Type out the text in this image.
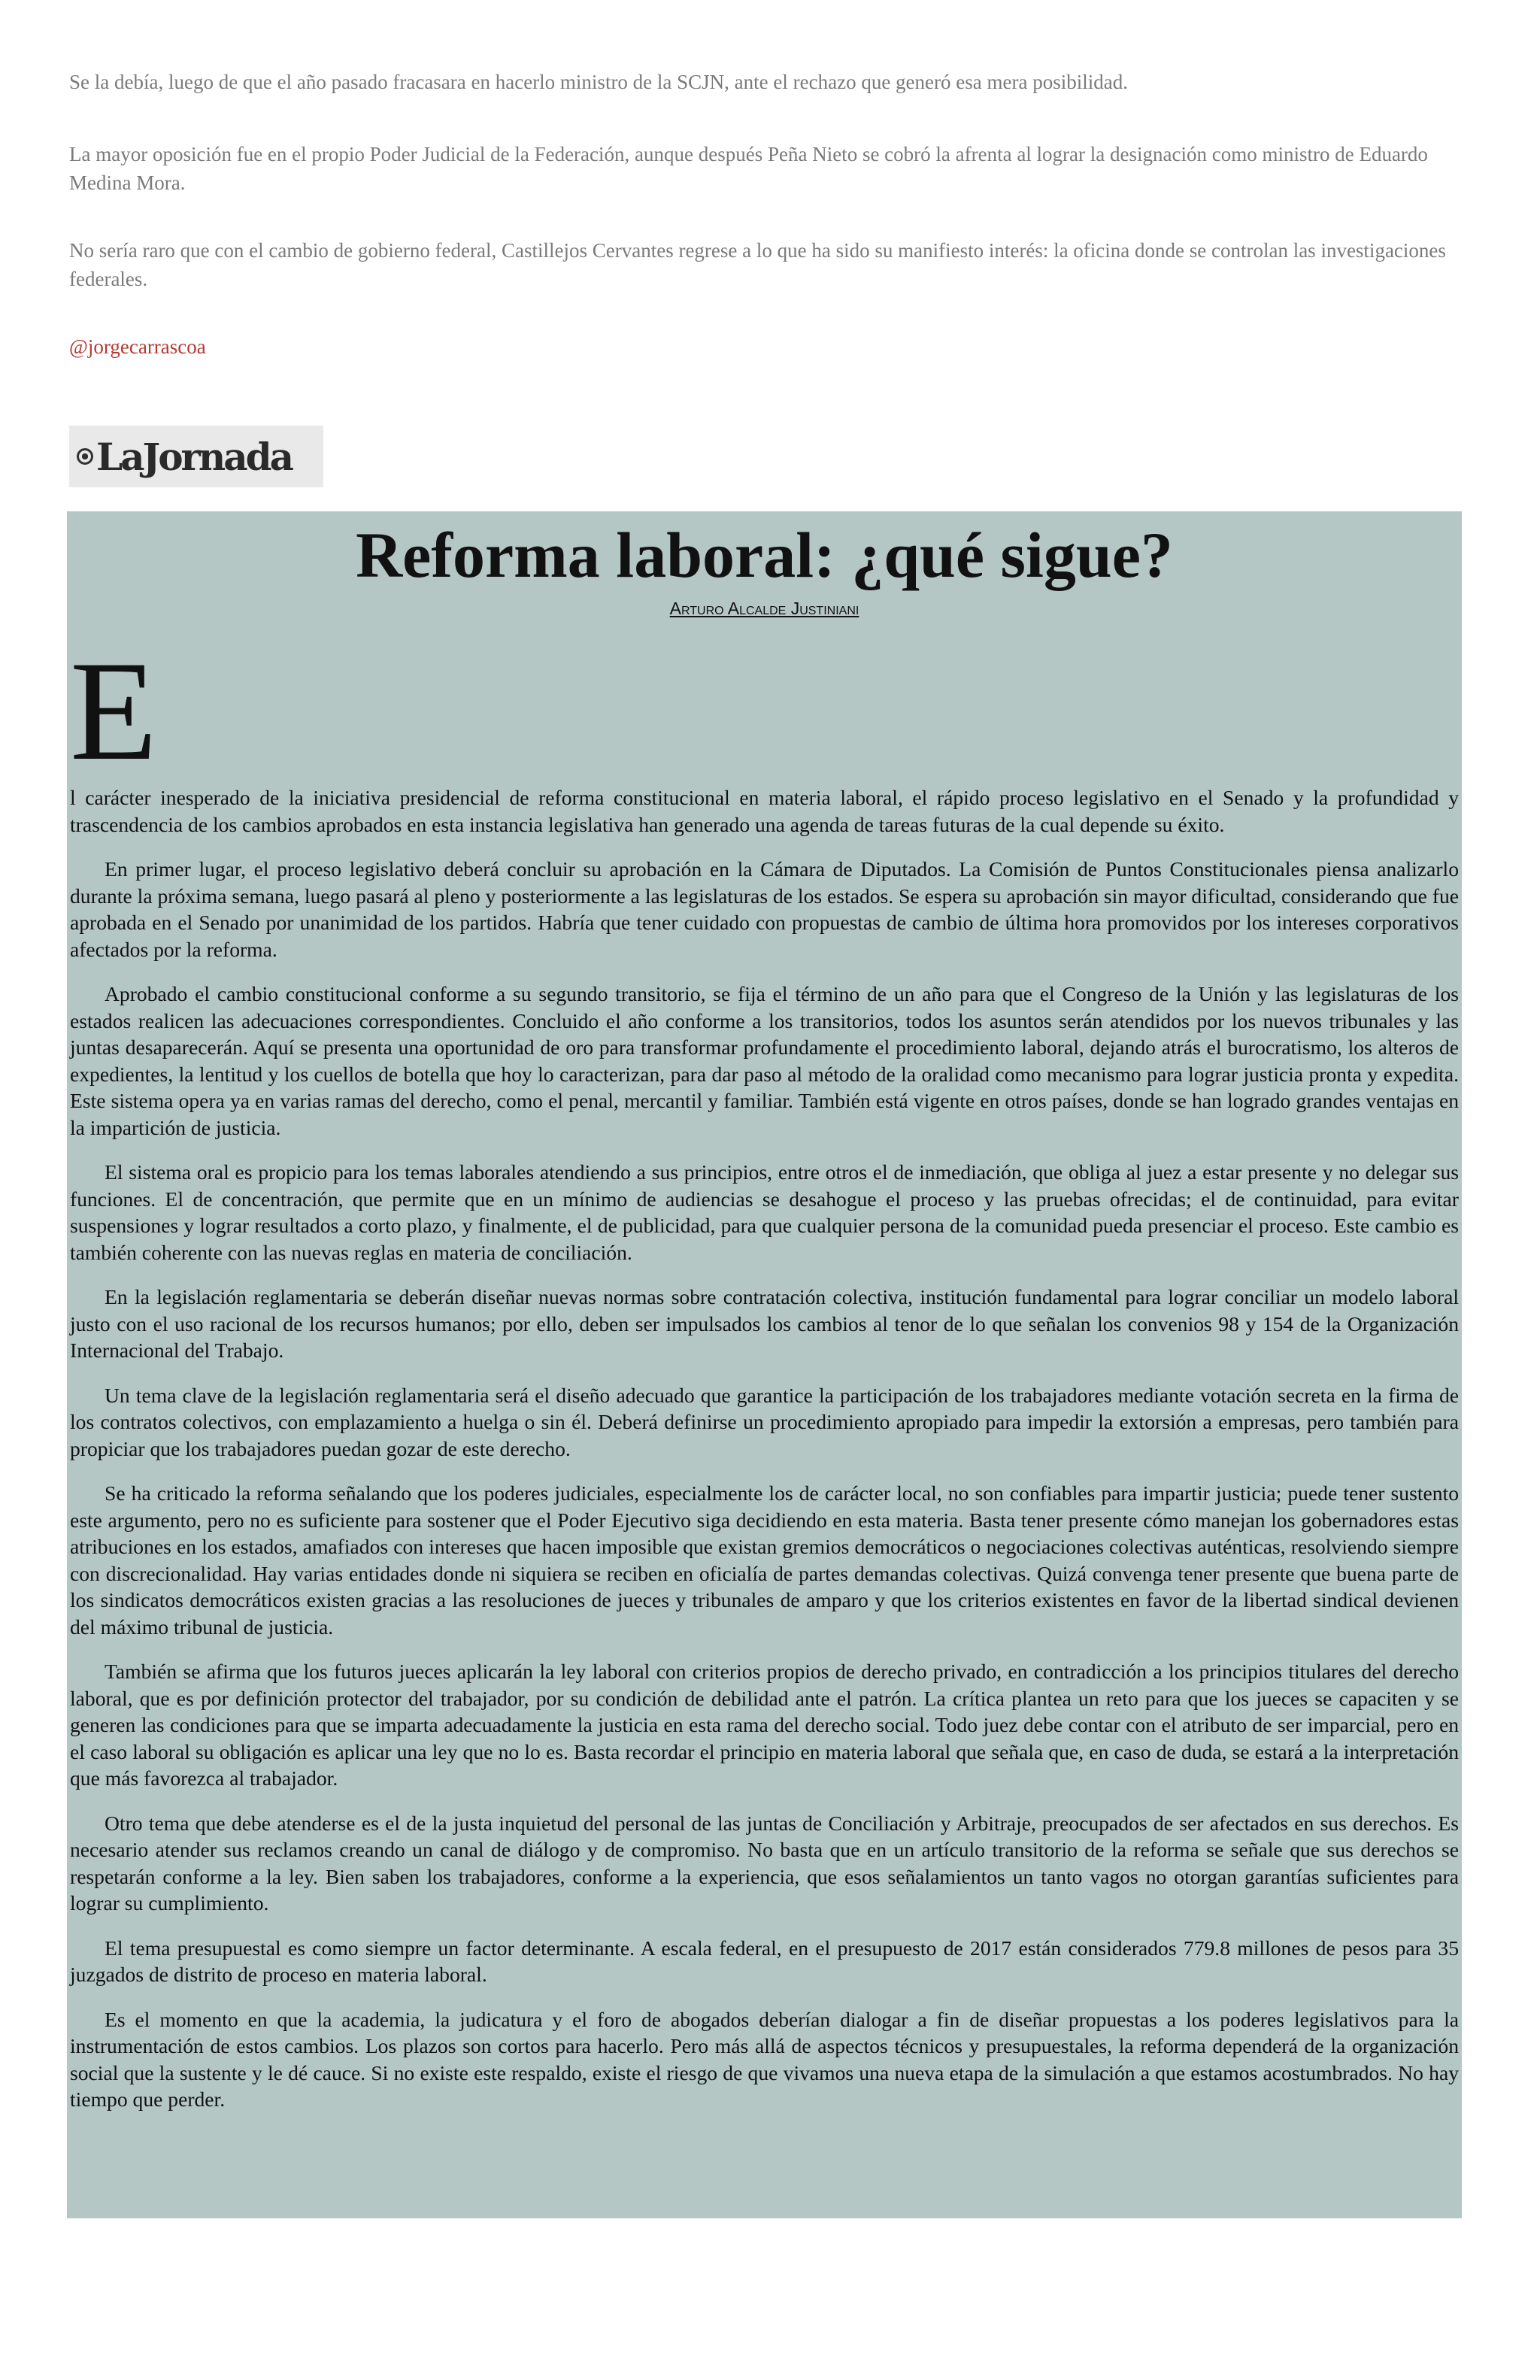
Se la debía, luego de que el año pasado fracasara en hacerlo ministro de la SCJN, ante el rechazo que generó esa mera posibilidad.

La mayor oposición fue en el propio Poder Judicial de la Federación, aunque después Peña Nieto se cobró la afrenta al lograr la designación como ministro de Eduardo Medina Mora.

No sería raro que con el cambio de gobierno federal, Castillejos Cervantes regrese a lo que ha sido su manifiesto interés: la oficina donde se controlan las investigaciones federales.

@jorgecarrascoa
LaJornada
Reforma laboral: ¿qué sigue?
Arturo Alcalde Justiniani
E

l carácter inesperado de la iniciativa presidencial de reforma constitucional en materia laboral, el rápido proceso legislativo en el Senado y la profundidad y trascendencia de los cambios aprobados en esta instancia legislativa han generado una agenda de tareas futuras de la cual depende su éxito.

En primer lugar, el proceso legislativo deberá concluir su aprobación en la Cámara de Diputados. La Comisión de Puntos Constitucionales piensa analizarlo durante la próxima semana, luego pasará al pleno y posteriormente a las legislaturas de los estados. Se espera su aprobación sin mayor dificultad, considerando que fue aprobada en el Senado por unanimidad de los partidos. Habría que tener cuidado con propuestas de cambio de última hora promovidos por los intereses corporativos afectados por la reforma.

Aprobado el cambio constitucional conforme a su segundo transitorio, se fija el término de un año para que el Congreso de la Unión y las legislaturas de los estados realicen las adecuaciones correspondientes. Concluido el año conforme a los transitorios, todos los asuntos serán atendidos por los nuevos tribunales y las juntas desaparecerán. Aquí se presenta una oportunidad de oro para transformar profundamente el procedimiento laboral, dejando atrás el burocratismo, los alteros de expedientes, la lentitud y los cuellos de botella que hoy lo caracterizan, para dar paso al método de la oralidad como mecanismo para lograr justicia pronta y expedita. Este sistema opera ya en varias ramas del derecho, como el penal, mercantil y familiar. También está vigente en otros países, donde se han logrado grandes ventajas en la impartición de justicia.

El sistema oral es propicio para los temas laborales atendiendo a sus principios, entre otros el de inmediación, que obliga al juez a estar presente y no delegar sus funciones. El de concentración, que permite que en un mínimo de audiencias se desahogue el proceso y las pruebas ofrecidas; el de continuidad, para evitar suspensiones y lograr resultados a corto plazo, y finalmente, el de publicidad, para que cualquier persona de la comunidad pueda presenciar el proceso. Este cambio es también coherente con las nuevas reglas en materia de conciliación.

En la legislación reglamentaria se deberán diseñar nuevas normas sobre contratación colectiva, institución fundamental para lograr conciliar un modelo laboral justo con el uso racional de los recursos humanos; por ello, deben ser impulsados los cambios al tenor de lo que señalan los convenios 98 y 154 de la Organización Internacional del Trabajo.

Un tema clave de la legislación reglamentaria será el diseño adecuado que garantice la participación de los trabajadores mediante votación secreta en la firma de los contratos colectivos, con emplazamiento a huelga o sin él. Deberá definirse un procedimiento apropiado para impedir la extorsión a empresas, pero también para propiciar que los trabajadores puedan gozar de este derecho.

Se ha criticado la reforma señalando que los poderes judiciales, especialmente los de carácter local, no son confiables para impartir justicia; puede tener sustento este argumento, pero no es suficiente para sostener que el Poder Ejecutivo siga decidiendo en esta materia. Basta tener presente cómo manejan los gobernadores estas atribuciones en los estados, amafiados con intereses que hacen imposible que existan gremios democráticos o negociaciones colectivas auténticas, resolviendo siempre con discrecionalidad. Hay varias entidades donde ni siquiera se reciben en oficialía de partes demandas colectivas. Quizá convenga tener presente que buena parte de los sindicatos democráticos existen gracias a las resoluciones de jueces y tribunales de amparo y que los criterios existentes en favor de la libertad sindical devienen del máximo tribunal de justicia.

También se afirma que los futuros jueces aplicarán la ley laboral con criterios propios de derecho privado, en contradicción a los principios titulares del derecho laboral, que es por definición protector del trabajador, por su condición de debilidad ante el patrón. La crítica plantea un reto para que los jueces se capaciten y se generen las condiciones para que se imparta adecuadamente la justicia en esta rama del derecho social. Todo juez debe contar con el atributo de ser imparcial, pero en el caso laboral su obligación es aplicar una ley que no lo es. Basta recordar el principio en materia laboral que señala que, en caso de duda, se estará a la interpretación que más favorezca al trabajador.

Otro tema que debe atenderse es el de la justa inquietud del personal de las juntas de Conciliación y Arbitraje, preocupados de ser afectados en sus derechos. Es necesario atender sus reclamos creando un canal de diálogo y de compromiso. No basta que en un artículo transitorio de la reforma se señale que sus derechos se respetarán conforme a la ley. Bien saben los trabajadores, conforme a la experiencia, que esos señalamientos un tanto vagos no otorgan garantías suficientes para lograr su cumplimiento.

El tema presupuestal es como siempre un factor determinante. A escala federal, en el presupuesto de 2017 están considerados 779.8 millones de pesos para 35 juzgados de distrito de proceso en materia laboral.

Es el momento en que la academia, la judicatura y el foro de abogados deberían dialogar a fin de diseñar propuestas a los poderes legislativos para la instrumentación de estos cambios. Los plazos son cortos para hacerlo. Pero más allá de aspectos técnicos y presupuestales, la reforma dependerá de la organización social que la sustente y le dé cauce. Si no existe este respaldo, existe el riesgo de que vivamos una nueva etapa de la simulación a que estamos acostumbrados. No hay tiempo que perder.
